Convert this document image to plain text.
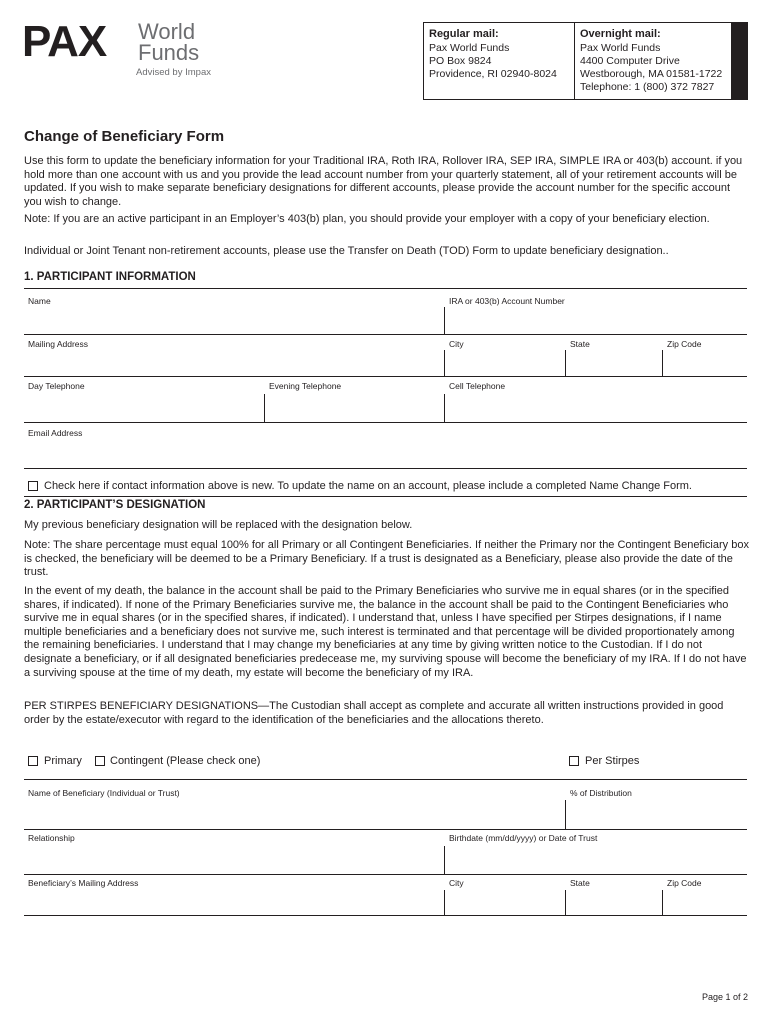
PAX World
Funds
Advised by Impax
Regular mail:
Pax World Funds
PO Box 9824
Providence, RI 02940-8024
Overnight mail:
Pax World Funds
4400 Computer Drive
Westborough, MA 01581-1722
Telephone: 1 (800) 372 7827
Change of Beneficiary Form
Use this form to update the beneficiary information for your Traditional IRA, Roth IRA, Rollover IRA, SEP IRA, SIMPLE IRA or 403(b) account. if you hold more than one account with us and you provide the lead account number from your quarterly statement, all of your retirement accounts will be updated. If you wish to make separate beneficiary designations for different accounts, please provide the account number for the specific account you wish to change.
Note: If you are an active participant in an Employer’s 403(b) plan, you should provide your employer with a copy of your beneficiary election.
Individual or Joint Tenant non-retirement accounts, please use the Transfer on Death (TOD) Form to update beneficiary designation..
1. PARTICIPANT INFORMATION
Name	IRA or 403(b) Account Number
Mailing Address	City	State	Zip Code
Day Telephone	Evening Telephone	Cell Telephone
Email Address
Check here if contact information above is new. To update the name on an account, please include a completed Name Change Form.
2. PARTICIPANT’S DESIGNATION
My previous beneficiary designation will be replaced with the designation below.
Note: The share percentage must equal 100% for all Primary or all Contingent Beneficiaries. If neither the Primary nor the Contingent Beneficiary box is checked, the beneficiary will be deemed to be a Primary Beneficiary. If a trust is designated as a Beneficiary, please also provide the date of the trust.
In the event of my death, the balance in the account shall be paid to the Primary Beneficiaries who survive me in equal shares (or in the specified shares, if indicated). If none of the Primary Beneficiaries survive me, the balance in the account shall be paid to the Contingent Beneficiaries who survive me in equal shares (or in the specified shares, if indicated). I understand that, unless I have specified per Stirpes designations, if I name multiple beneficiaries and a beneficiary does not survive me, such interest is terminated and that percentage will be divided proportionately among the remaining beneficiaries. I understand that I may change my beneficiaries at any time by giving written notice to the Custodian. If I do not designate a beneficiary, or if all designated beneficiaries predecease me, my surviving spouse will become the beneficiary of my IRA. If I do not have a surviving spouse at the time of my death, my estate will become the beneficiary of my IRA.
PER STIRPES BENEFICIARY DESIGNATIONS—The Custodian shall accept as complete and accurate all written instructions provided in good order by the estate/executor with regard to the identification of the beneficiaries and the allocations thereto.
Primary	Contingent (Please check one)	Per Stirpes
Name of Beneficiary (Individual or Trust)	% of Distribution
Relationship	Birthdate (mm/dd/yyyy) or Date of Trust
Beneficiary’s Mailing Address	City	State	Zip Code
Page 1 of 2
